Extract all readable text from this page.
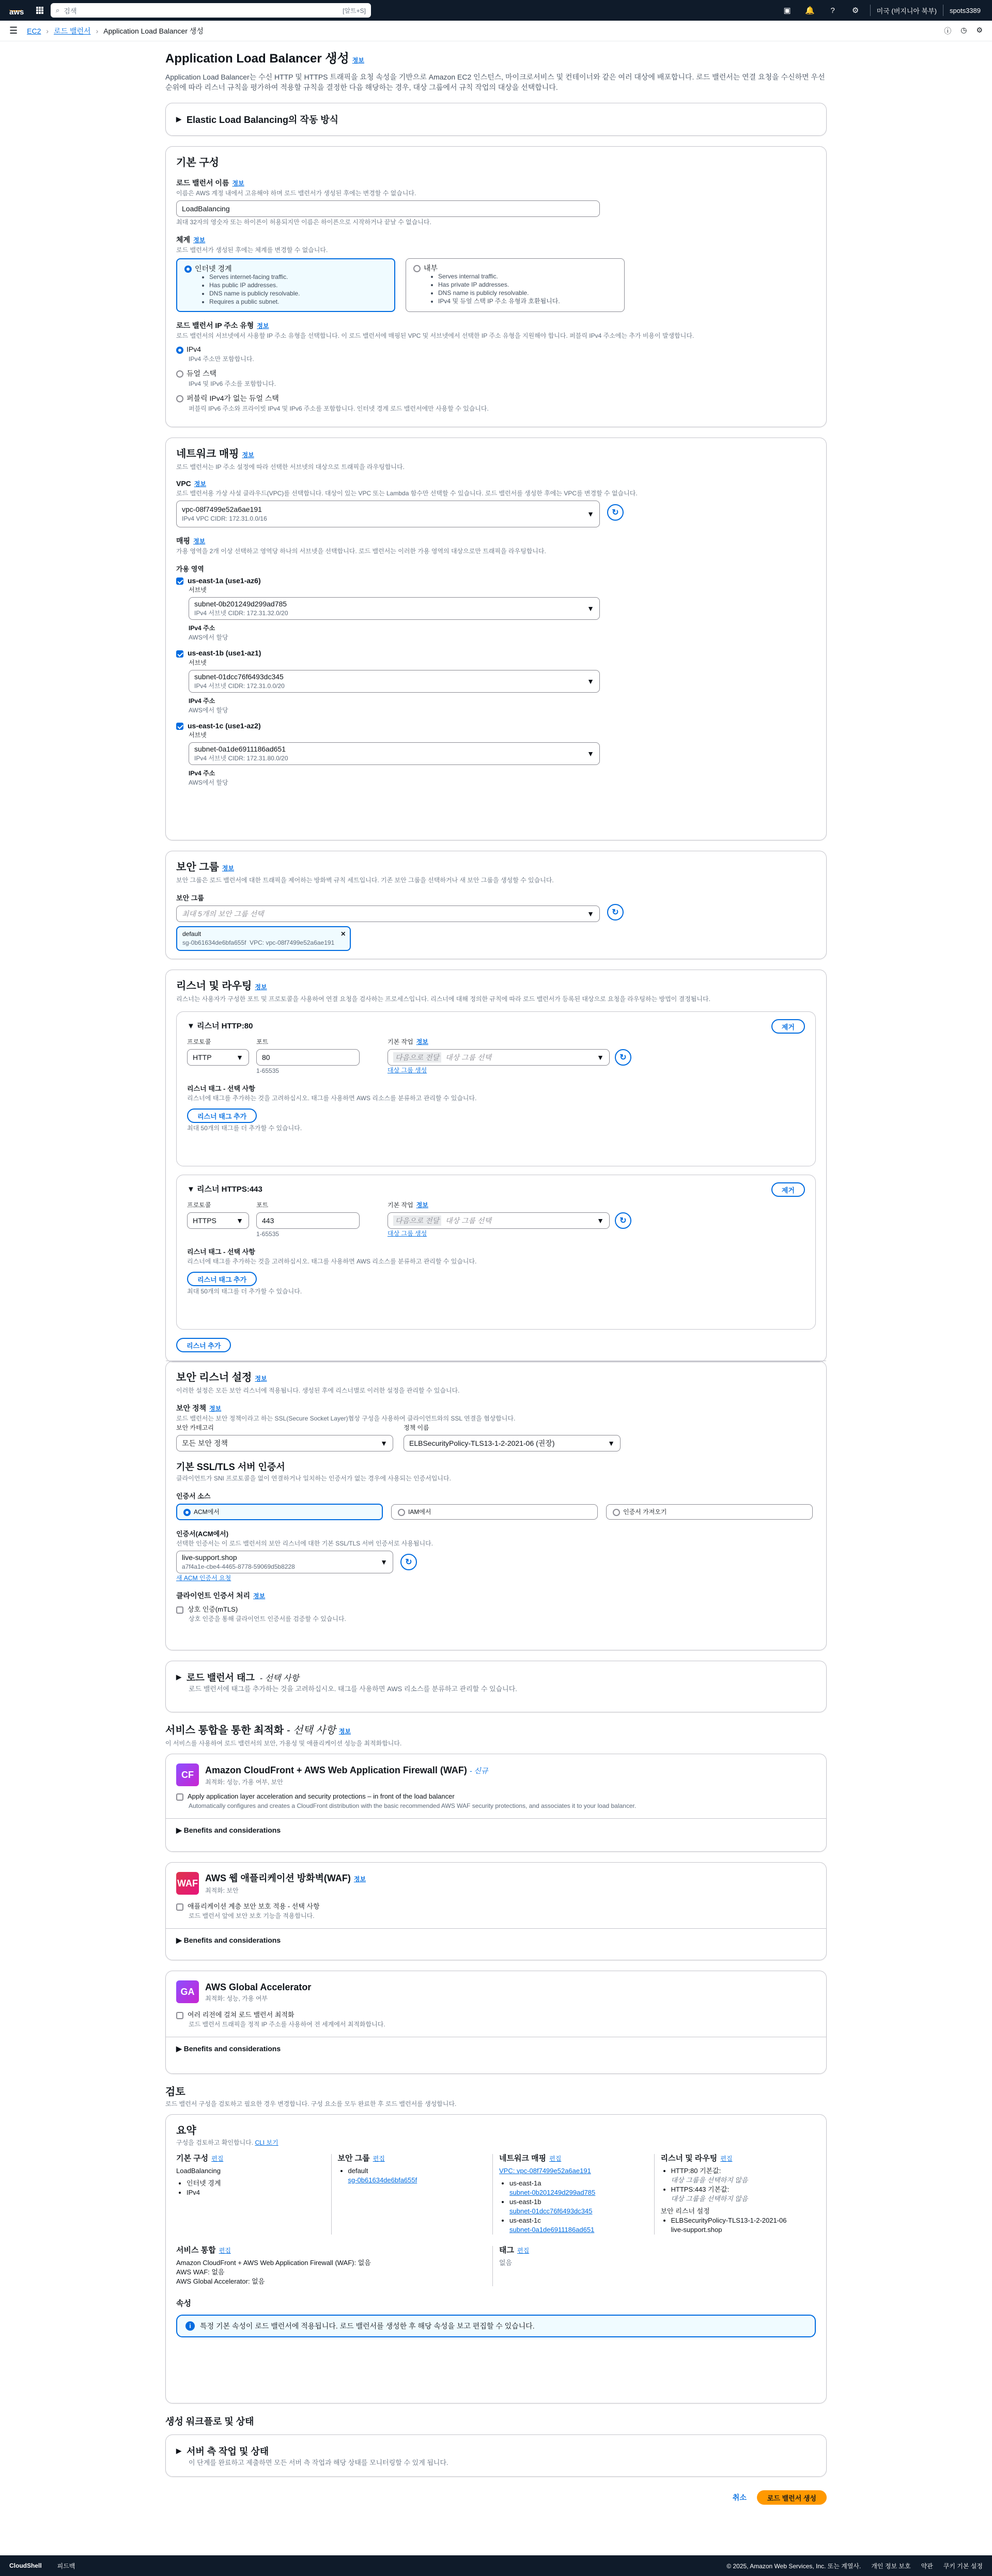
aws	⌕ 검색	[알트+S]	▣	🔔	?	⚙	미국 (버지니아 북부) spots3389
☰ EC2 › 로드 밸런서 › Application Load Balancer 생성	ⓘ ◷ ⚙
Application Load Balancer 생성 정보

Application Load Balancer는 수신 HTTP 및 HTTPS 트래픽을 요청 속성을 기반으로 Amazon EC2 인스턴스, 마이크로서비스 및 컨테이너와 같은 여러 대상에 배포합니다. 로드 밸런서는 연결 요청을 수신하면 우선 순위에 따라 리스너 규칙을 평가하여 적용할 규칙을 결정한 다음 해당하는 경우, 대상 그룹에서 규칙 작업의 대상을 선택합니다.

▶ Elastic Load Balancing의 작동 방식
기본 구성
로드 밸런서 이름 정보
이름은 AWS 계정 내에서 고유해야 하며 로드 밸런서가 생성된 후에는 변경할 수 없습니다.
LoadBalancing
최대 32자의 영숫자 또는 하이픈이 허용되지만 이름은 하이픈으로 시작하거나 끝날 수 없습니다.
체계 정보
로드 밸런서가 생성된 후에는 체계를 변경할 수 없습니다.
인터넷 경계
• Serves internet-facing traffic.
• Has public IP addresses.
• DNS name is publicly resolvable.
• Requires a public subnet.
내부
• Serves internal traffic.
• Has private IP addresses.
• DNS name is publicly resolvable.
• IPv4 및 듀얼 스택 IP 주소 유형과 호환됩니다.
로드 밸런서 IP 주소 유형 정보
로드 밸런서의 서브넷에서 사용할 IP 주소 유형을 선택합니다. 이 로드 밸런서에 매핑된 VPC 및 서브넷에서 선택한 IP 주소 유형을 지원해야 합니다. 퍼블릭 IPv4 주소에는 추가 비용이 발생합니다.
IPv4
IPv4 주소만 포함합니다.
듀얼 스택
IPv4 및 IPv6 주소를 포함합니다.
퍼블릭 IPv4가 없는 듀얼 스택
퍼블릭 IPv6 주소와 프라이빗 IPv4 및 IPv6 주소를 포함합니다. 인터넷 경계 로드 밸런서에만 사용할 수 있습니다.
네트워크 매핑 정보
로드 밸런서는 IP 주소 설정에 따라 선택한 서브넷의 대상으로 트래픽을 라우팅합니다.
VPC 정보
로드 밸런서용 가상 사설 클라우드(VPC)를 선택합니다. 대상이 있는 VPC 또는 Lambda 함수만 선택할 수 있습니다. 로드 밸런서를 생성한 후에는 VPC를 변경할 수 없습니다.
vpc-08f7499e52a6ae191
IPv4 VPC CIDR: 172.31.0.0/16
▼	↻
매핑 정보
가용 영역을 2개 이상 선택하고 영역당 하나의 서브넷을 선택합니다. 로드 밸런서는 이러한 가용 영역의 대상으로만 트래픽을 라우팅합니다.
가용 영역
us-east-1a (use1-az6)
서브넷
subnet-0b201249d299ad785
IPv4 서브넷 CIDR: 172.31.32.0/20
▼
IPv4 주소
AWS에서 할당
us-east-1b (use1-az1)
서브넷
subnet-01dcc76f6493dc345
IPv4 서브넷 CIDR: 172.31.0.0/20
▼
IPv4 주소
AWS에서 할당
us-east-1c (use1-az2)
서브넷
subnet-0a1de6911186ad651
IPv4 서브넷 CIDR: 172.31.80.0/20
▼
IPv4 주소
AWS에서 할당
보안 그룹 정보
보안 그룹은 로드 밸런서에 대한 트래픽을 제어하는 방화벽 규칙 세트입니다. 기존 보안 그룹을 선택하거나 새 보안 그룹을 생성할 수 있습니다.
보안 그룹
최대 5개의 보안 그룹 선택	▼	↻
default
sg-0b61634de6bfa655f VPC: vpc-08f7499e52a6ae191
✕
리스너 및 라우팅 정보
리스너는 사용자가 구성한 포트 및 프로토콜을 사용하여 연결 요청을 검사하는 프로세스입니다. 리스너에 대해 정의한 규칙에 따라 로드 밸런서가 등록된 대상으로 요청을 라우팅하는 방법이 결정됩니다.
▼ 리스너 HTTP:80	제거
프로토콜
HTTP	▼
포트
80
1-65535
기본 작업 정보
다음으로 전달 대상 그룹 선택	▼	↻
대상 그룹 생성
리스너 태그 - 선택 사항
리스너에 태그를 추가하는 것을 고려하십시오. 태그를 사용하면 AWS 리소스를 분류하고 관리할 수 있습니다.
리스너 태그 추가
최대 50개의 태그를 더 추가할 수 있습니다.
▼ 리스너 HTTPS:443	제거
프로토콜
HTTPS	▼
포트
443
1-65535
기본 작업 정보
다음으로 전달 대상 그룹 선택	▼	↻
대상 그룹 생성
리스너 태그 - 선택 사항
리스너에 태그를 추가하는 것을 고려하십시오. 태그를 사용하면 AWS 리소스를 분류하고 관리할 수 있습니다.
리스너 태그 추가
최대 50개의 태그를 더 추가할 수 있습니다.
리스너 추가
보안 리스너 설정 정보
이러한 설정은 모든 보안 리스너에 적용됩니다. 생성된 후에 리스너별로 이러한 설정을 관리할 수 있습니다.
보안 정책 정보
로드 밸런서는 보안 정책이라고 하는 SSL(Secure Socket Layer)협상 구성을 사용하여 클라이언트와의 SSL 연결을 협상합니다.
보안 카테고리
모든 보안 정책	▼
정책 이름
ELBSecurityPolicy-TLS13-1-2-2021-06 (권장)	▼
기본 SSL/TLS 서버 인증서
클라이언트가 SNI 프로토콜을 없이 연결하거나 일치하는 인증서가 없는 경우에 사용되는 인증서입니다.
인증서 소스
ACM에서	IAM에서	인증서 가져오기
인증서(ACM에서)
선택한 인증서는 이 로드 밸런서의 보안 리스너에 대한 기본 SSL/TLS 서버 인증서로 사용됩니다.
live-support.shop
a7f4a1e-cbe4-4465-8778-59069d5b8228
▼	↻
새 ACM 인증서 요청
클라이언트 인증서 처리 정보
상호 인증(mTLS)
상호 인증을 통해 클라이언트 인증서를 검증할 수 있습니다.
▶ 로드 밸런서 태그 - 선택 사항
로드 밸런서에 태그를 추가하는 것을 고려하십시오. 태그를 사용하면 AWS 리소스를 분류하고 관리할 수 있습니다.
서비스 통합을 통한 최적화 - 선택 사항 정보
이 서비스를 사용하여 로드 밸런서의 보안, 가용성 및 애플리케이션 성능을 최적화합니다.
CF	Amazon CloudFront + AWS Web Application Firewall (WAF) - 신규
최적화: 성능, 가용 여부, 보안
Apply application layer acceleration and security protections – in front of the load balancer
Automatically configures and creates a CloudFront distribution with the basic recommended AWS WAF security protections, and associates it to your load balancer.
▶ Benefits and considerations
WAF AWS 웹 애플리케이션 방화벽(WAF) 정보
최적화: 보안
애플리케이션 계층 보안 보호 적용 - 선택 사항
로드 밸런서 앞에 보안 보호 기능을 적용합니다.
▶ Benefits and considerations
GA	AWS Global Accelerator
최적화: 성능, 가용 여부
여러 리전에 걸쳐 로드 밸런서 최적화
로드 밸런서 트래픽을 정적 IP 주소를 사용하여 전 세계에서 최적화합니다.
▶ Benefits and considerations
검토
로드 밸런서 구성을 검토하고 필요한 경우 변경합니다. 구성 요소를 모두 완료한 후 로드 밸런서를 생성합니다.
요약
구성을 검토하고 확인합니다. CLI 보기
기본 구성 편집
LoadBalancing
• 인터넷 경계
• IPv4
보안 그룹 편집
• default
sg-0b61634de6bfa655f
네트워크 매핑 편집
VPC: vpc-08f7499e52a6ae191
• us-east-1a
subnet-0b201249d299ad785
• us-east-1b
subnet-01dcc76f6493dc345
• us-east-1c
subnet-0a1de6911186ad651
리스너 및 라우팅 편집
• HTTP:80 기본값:
대상 그룹을 선택하지 않음
• HTTPS:443 기본값:
대상 그룹을 선택하지 않음
보안 리스너 설정
• ELBSecurityPolicy-TLS13-1-2-2021-06
live-support.shop
서비스 통합 편집
Amazon CloudFront + AWS Web Application Firewall (WAF): 없음
AWS WAF: 없음
AWS Global Accelerator: 없음
태그 편집
없음
속성
i	특정 기본 속성이 로드 밸런서에 적용됩니다. 로드 밸런서를 생성한 후 해당 속성을 보고 편집할 수 있습니다.
생성 워크플로 및 상태
▶ 서버 측 작업 및 상태
이 단계를 완료하고 제출하면 모든 서버 측 작업과 해당 상태를 모니터링할 수 있게 됩니다.
취소	로드 밸런서 생성
CloudShell	피드백	© 2025, Amazon Web Services, Inc. 또는 계열사. 개인 정보 보호 약관 쿠키 기본 설정
